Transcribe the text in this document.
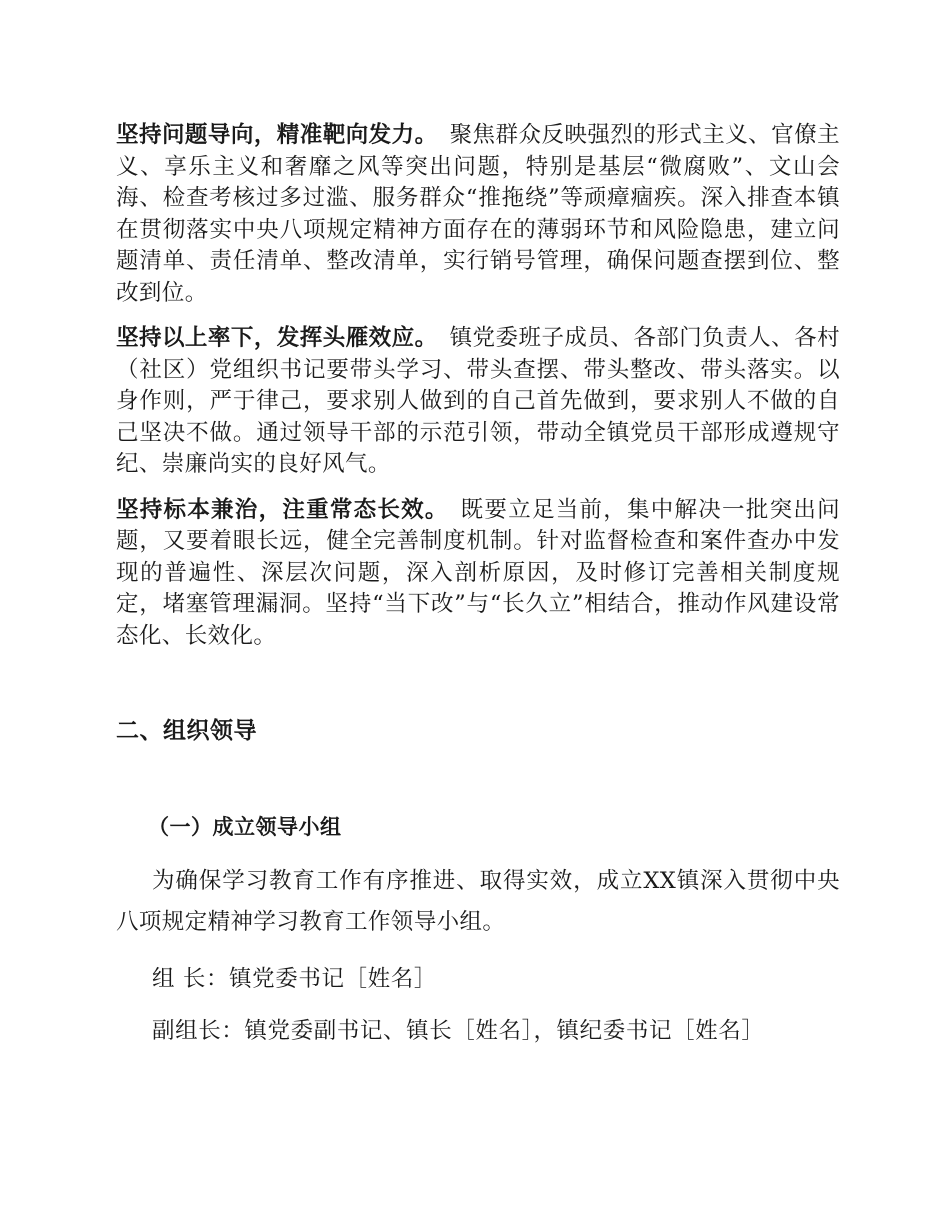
坚持问题导向，精准靶向发力。 聚焦群众反映强烈的形式主义、官僚主义、享乐主义和奢靡之风等突出问题，特别是基层“微腐败”、文山会海、检查考核过多过滥、服务群众“推拖绕”等顽瘴痼疾。深入排查本镇在贯彻落实中央八项规定精神方面存在的薄弱环节和风险隐患，建立问题清单、责任清单、整改清单，实行销号管理，确保问题查摆到位、整改到位。

坚持以上率下，发挥头雁效应。 镇党委班子成员、各部门负责人、各村（社区）党组织书记要带头学习、带头查摆、带头整改、带头落实。以身作则，严于律己，要求别人做到的自己首先做到，要求别人不做的自己坚决不做。通过领导干部的示范引领，带动全镇党员干部形成遵规守纪、崇廉尚实的良好风气。

坚持标本兼治，注重常态长效。 既要立足当前，集中解决一批突出问题，又要着眼长远，健全完善制度机制。针对监督检查和案件查办中发现的普遍性、深层次问题，深入剖析原因，及时修订完善相关制度规定，堵塞管理漏洞。坚持“当下改”与“长久立”相结合，推动作风建设常态化、长效化。

二、组织领导
（一）成立领导小组

为确保学习教育工作有序推进、取得实效，成立XX镇深入贯彻中央八项规定精神学习教育工作领导小组。

组 长：镇党委书记［姓名］

副组长：镇党委副书记、镇长［姓名］，镇纪委书记［姓名］
